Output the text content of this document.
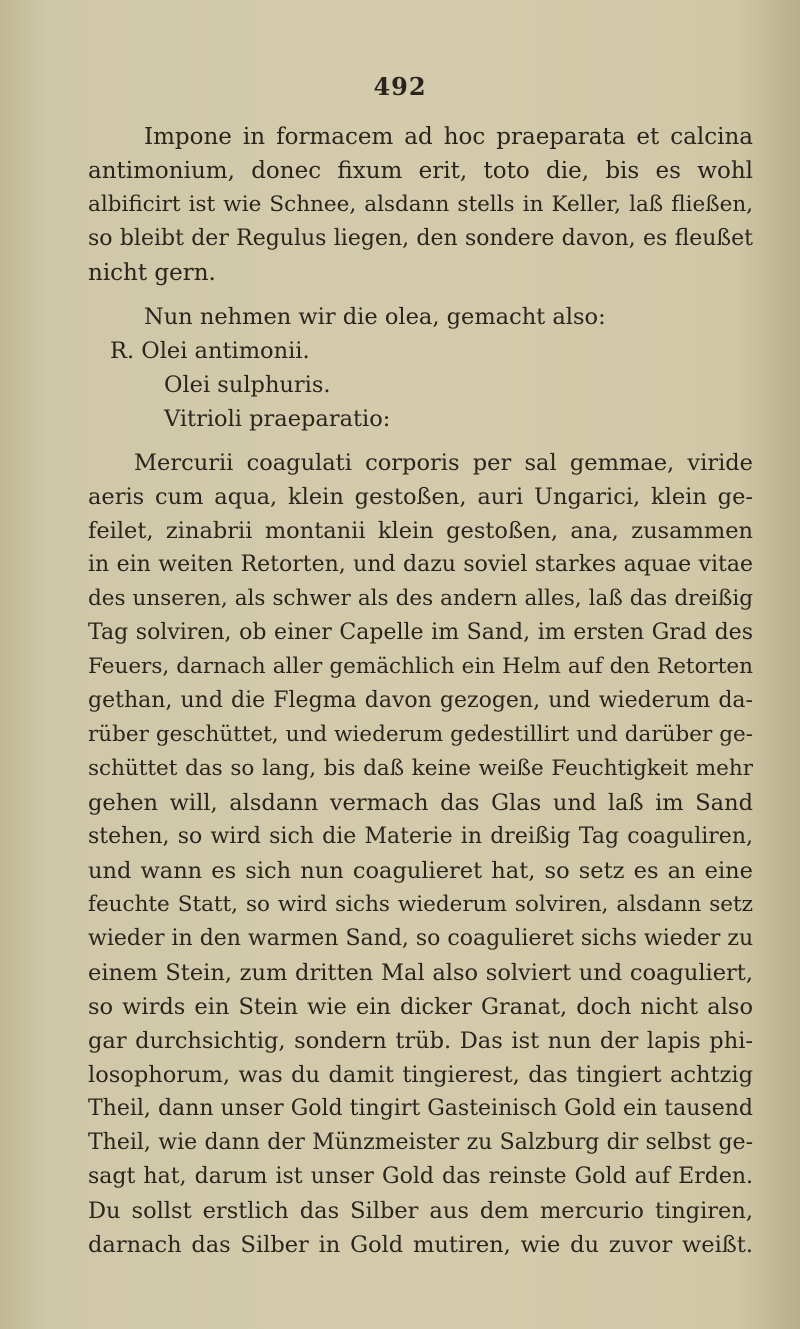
492
Impone in formacem ad hoc praeparata et calcina
antimonium, donec fixum erit, toto die, bis es wohl
albificirt ist wie Schnee, alsdann stells in Keller, laß fließen,
so bleibt der Regulus liegen, den sondere davon, es fleußet
nicht gern.
Nun nehmen wir die olea, gemacht also:
R. Olei antimonii.
Olei sulphuris.
Vitrioli praeparatio:
Mercurii coagulati corporis per sal gemmae, viride
aeris cum aqua, klein gestoßen, auri Ungarici, klein ge-
feilet, zinabrii montanii klein gestoßen, ana, zusammen
in ein weiten Retorten, und dazu soviel starkes aquae vitae
des unseren, als schwer als des andern alles, laß das dreißig
Tag solviren, ob einer Capelle im Sand, im ersten Grad des
Feuers, darnach aller gemächlich ein Helm auf den Retorten
gethan, und die Flegma davon gezogen, und wiederum da-
rüber geschüttet, und wiederum gedestillirt und darüber ge-
schüttet das so lang, bis daß keine weiße Feuchtigkeit mehr
gehen will, alsdann vermach das Glas und laß im Sand
stehen, so wird sich die Materie in dreißig Tag coaguliren,
und wann es sich nun coagulieret hat, so setz es an eine
feuchte Statt, so wird sichs wiederum solviren, alsdann setz
wieder in den warmen Sand, so coagulieret sichs wieder zu
einem Stein, zum dritten Mal also solviert und coaguliert,
so wirds ein Stein wie ein dicker Granat, doch nicht also
gar durchsichtig, sondern trüb. Das ist nun der lapis phi-
losophorum, was du damit tingierest, das tingiert achtzig
Theil, dann unser Gold tingirt Gasteinisch Gold ein tausend
Theil, wie dann der Münzmeister zu Salzburg dir selbst ge-
sagt hat, darum ist unser Gold das reinste Gold auf Erden.
Du sollst erstlich das Silber aus dem mercurio tingiren,
darnach das Silber in Gold mutiren, wie du zuvor weißt.
